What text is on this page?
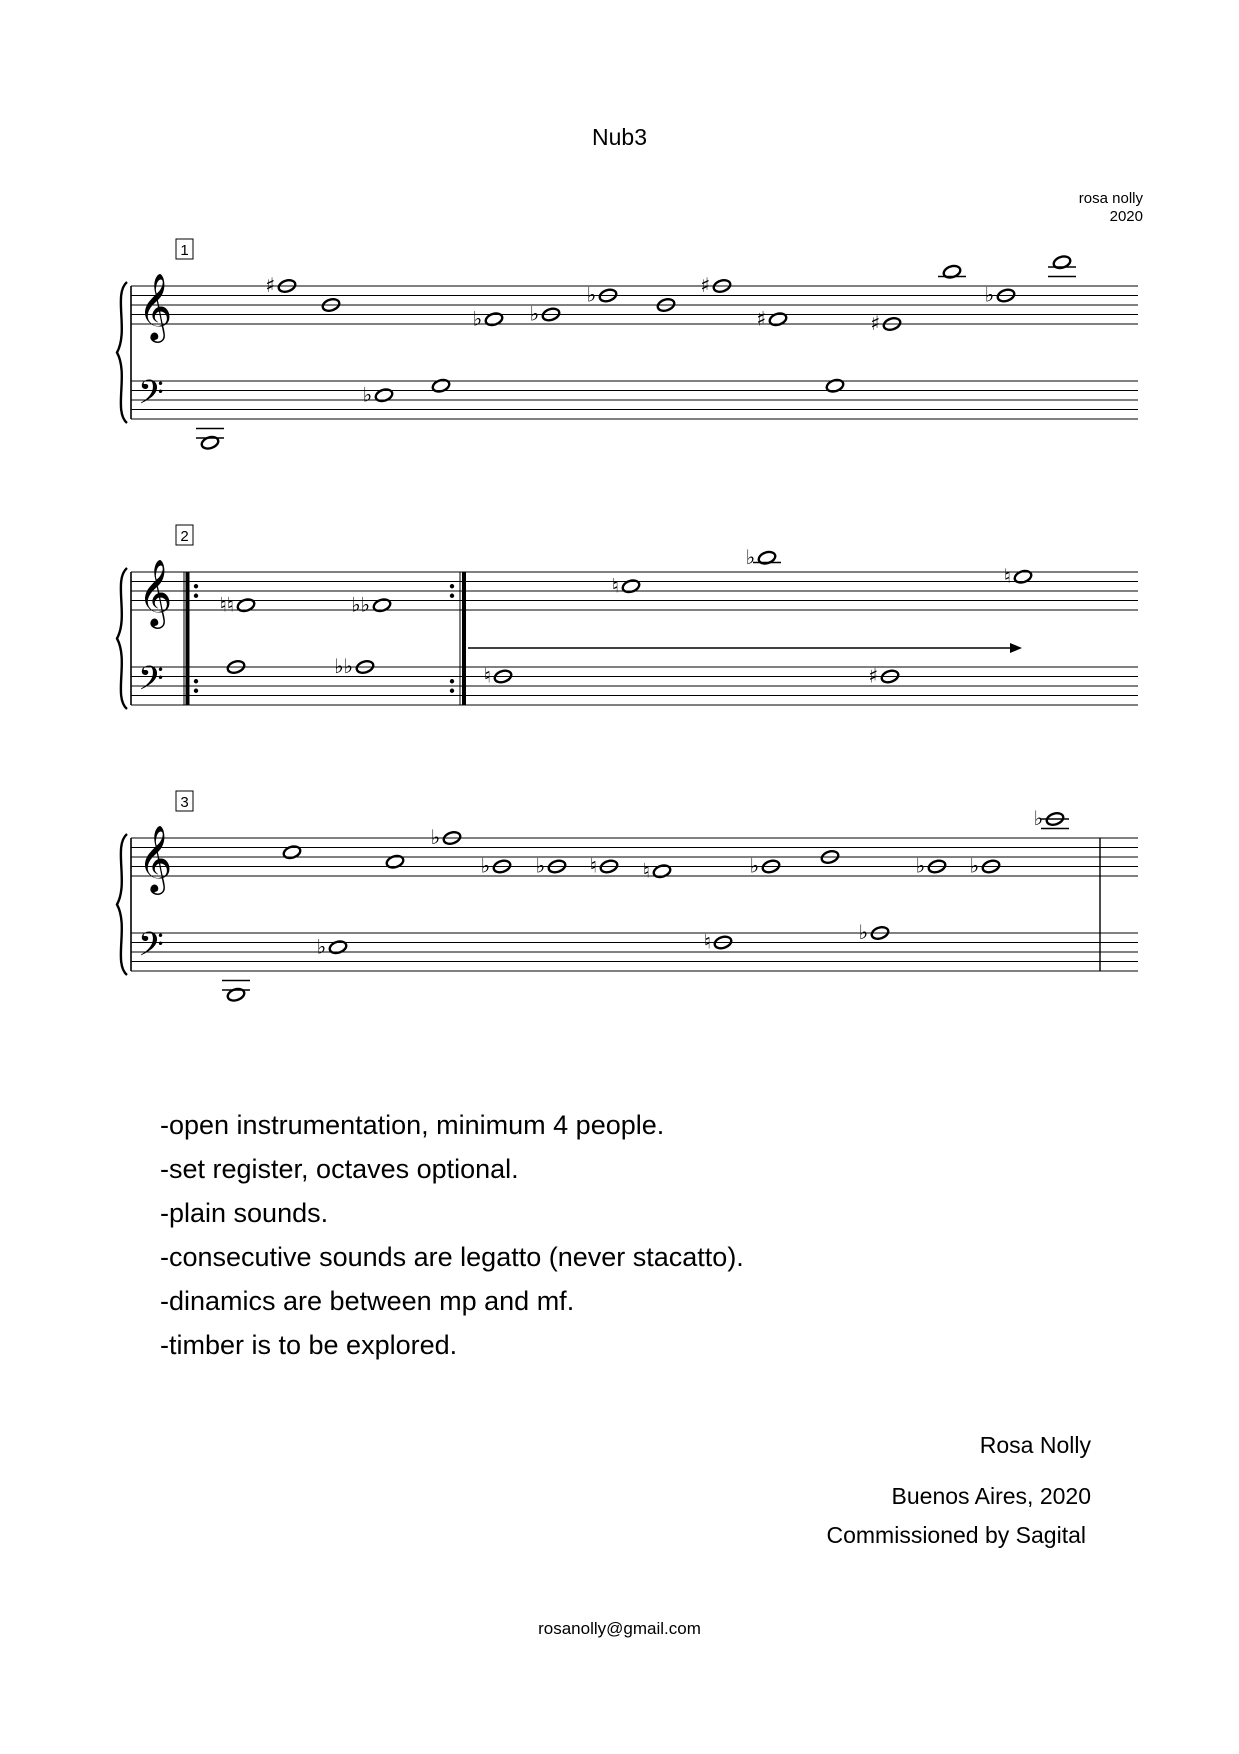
Nub3
rosa nolly
2020
1
𝄞
𝄢
♯
♭ ♭
♭	♯
♯	♯
♭
♭
2
𝄞
𝄢
♮♮	♭♭
♮
♭
♮
♭♭	♮	♯
3
𝄞
𝄢
♭
♭ ♭ ♮ ♮	♭	♭ ♭
♭
♭	♮	♭
-open instrumentation, minimum 4 people.
-set register, octaves optional.
-plain sounds.
-consecutive sounds are legatto (never stacatto).
-dinamics are between mp and mf.
-timber is to be explored.
Rosa Nolly
Buenos Aires, 2020
Commissioned by Sagital
rosanolly@gmail.com
